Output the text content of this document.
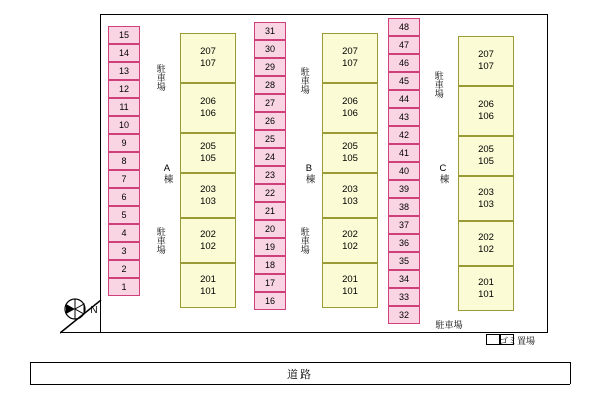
15
14
13
12
11
10
9
8
7
6
5
4
3
2
1
207
107
206
106
205
105
203
103
202
102
201
101
A棟

駐車場

駐車場

31
30
29
28
27
26
25
24
23
22
21
20
19
18
17
16
207
107
206
106
205
105
203
103
202
102
201
101
B棟

駐車場

駐車場

48
47
46
45
44
43
42
41
40
39
38
37
36
35
34
33
32
207
107
206
106
205
105
203
103
202
102
201
101
C棟

駐車場

駐車場

ゴミ置場
N
道路
